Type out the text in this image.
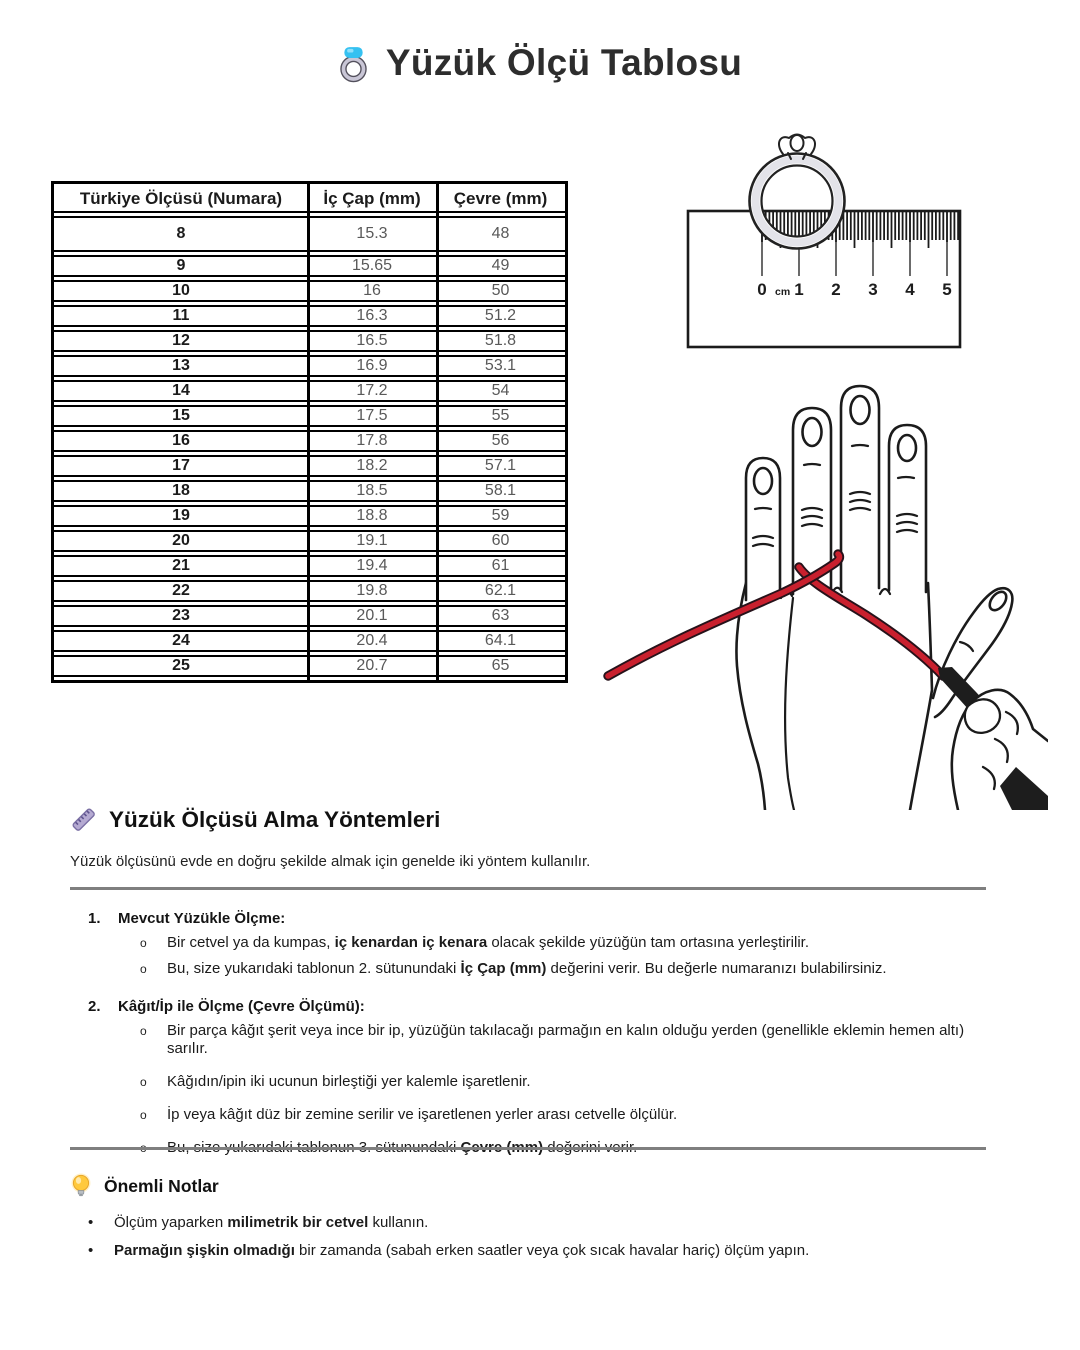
Yüzük Ölçü Tablosu
Türkiye Ölçüsü (Numara)	İç Çap (mm)	Çevre (mm)
8	15.3	48
9	15.65	49
10	16	50
11	16.3	51.2
12	16.5	51.8
13	16.9	53.1
14	17.2	54
15	17.5	55
16	17.8	56
17	18.2	57.1
18	18.5	58.1
19	18.8	59
20	19.1	60
21	19.4	61
22	19.8	62.1
23	20.1	63
24	20.4	64.1
25	20.7	65
0 cm 1 2 3 4 5
Yüzük Ölçüsü Alma Yöntemleri
Yüzük ölçüsünü evde en doğru şekilde almak için genelde iki yöntem kullanılır.
1.	Mevcut Yüzükle Ölçme:
o Bir cetvel ya da kumpas, iç kenardan iç kenara olacak şekilde yüzüğün tam ortasına yerleştirilir.
o Bu, size yukarıdaki tablonun 2. sütunundaki İç Çap (mm) değerini verir. Bu değerle numaranızı bulabilirsiniz.
2.	Kâğıt/İp ile Ölçme (Çevre Ölçümü):
o Bir parça kâğıt şerit veya ince bir ip, yüzüğün takılacağı parmağın en kalın olduğu yerden (genellikle eklemin hemen altı) sarılır.
o Kâğıdın/ipin iki ucunun birleştiği yer kalemle işaretlenir.
o İp veya kâğıt düz bir zemine serilir ve işaretlenen yerler arası cetvelle ölçülür.
Önemli Notlar
•	Ölçüm yaparken milimetrik bir cetvel kullanın.
•	Parmağın şişkin olmadığı bir zamanda (sabah erken saatler veya çok sıcak havalar hariç) ölçüm yapın.
